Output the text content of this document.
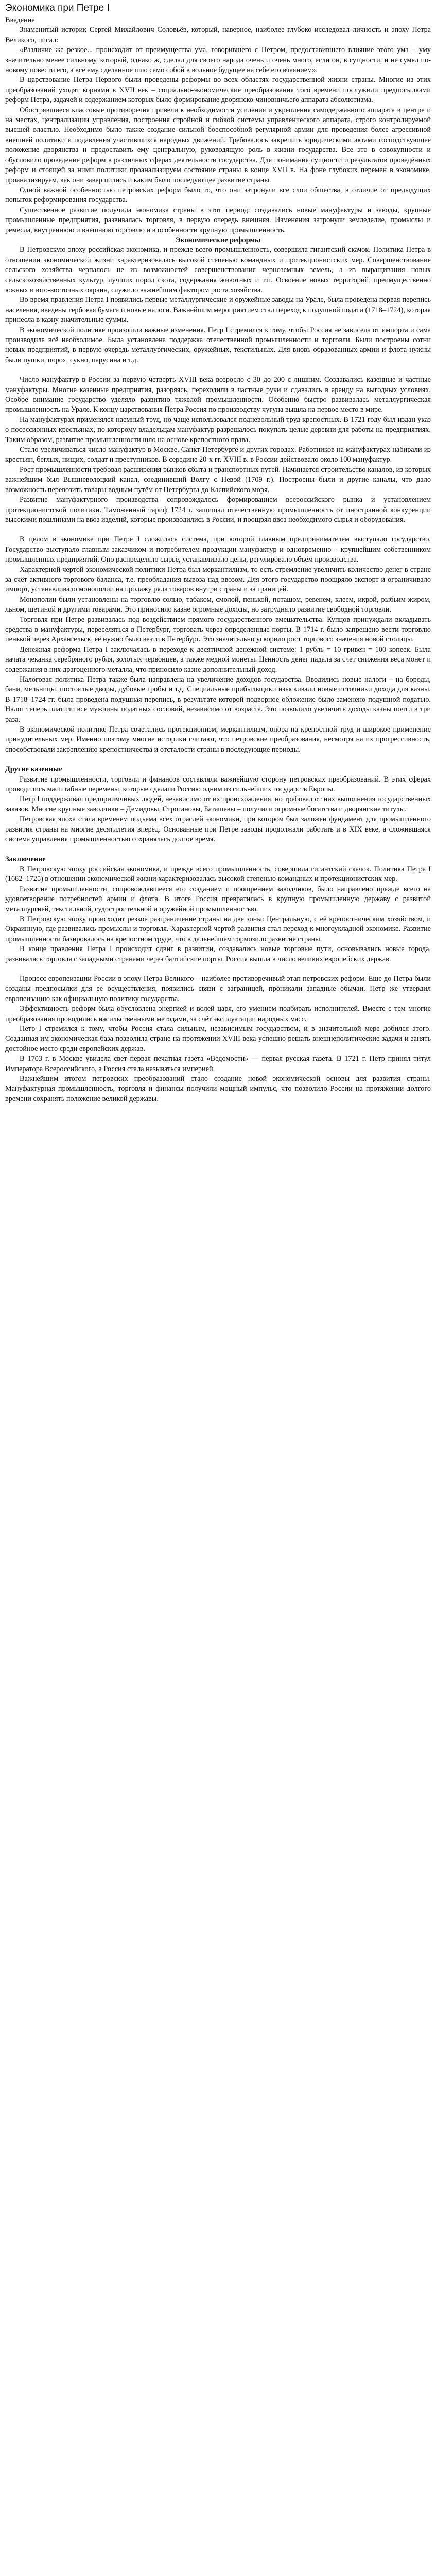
Экономика при Петре I
Введение

Знаменитый историк Сергей Михайлович Соловьёв, который, наверное, наиболее глубоко исследовал личность и эпоху Петра Великого, писал:

«Различие же резкое... происходит от преимущества ума, говорившего с Петром, предоставившего влияние этого ума – уму значительно менее сильному, который, однако ж, сделал для своего народа очень и очень много, если он, в сущности, и не сумел по-новому повести его, а все ему сделанное шло само собой в вольное будущее на себе его вчаянием».

В царствование Петра Первого были проведены реформы во всех областях государственной жизни страны. Многие из этих преобразований уходят корнями в XVII век – социально-экономические преобразования того времени послужили предпосылками реформ Петра, задачей и содержанием которых было формирование дворянско-чиновничьего аппарата абсолютизма.

Обострявшиеся классовые противоречия привели к необходимости усиления и укрепления самодержавного аппарата в центре и на местах, централизации управления, построения стройной и гибкой системы управленческого аппарата, строго контролируемой высшей властью. Необходимо было также создание сильной боеспособной регулярной армии для проведения более агрессивной внешней политики и подавления участившихся народных движений. Требовалось закрепить юридическими актами господствующее положение дворянства и предоставить ему центральную, руководящую роль в жизни государства. Все это в совокупности и обусловило проведение реформ в различных сферах деятельности государства. Для понимания сущности и результатов проведённых реформ и стоящей за ними политики проанализируем состояние страны в конце XVII в. На фоне глубоких перемен в экономике, проанализируем, как они завершились и каким было последующее развитие страны.

Одной важной особенностью петровских реформ было то, что они затронули все слои общества, в отличие от предыдущих попыток реформирования государства.

Существенное развитие получила экономика страны в этот период: создавались новые мануфактуры и заводы, крупные промышленные предприятия, развивалась торговля, в первую очередь внешняя. Изменения затронули земледелие, промыслы и ремесла, внутреннюю и внешнюю торговлю и в особенности крупную промышленность.

Экономические реформы

В Петровскую эпоху российская экономика, и прежде всего промышленность, совершила гигантский скачок. Политика Петра в отношении экономической жизни характеризовалась высокой степенью командных и протекционистских мер. Совершенствование сельского хозяйства черпалось не из возможностей совершенствования черноземных земель, а из выращивания новых сельскохозяйственных культур, лучших пород скота, содержания животных и т.п. Освоение новых территорий, преимущественно южных и юго-восточных окраин, служило важнейшим фактором роста хозяйства.

Во время правления Петра I появились первые металлургические и оружейные заводы на Урале, была проведена первая перепись населения, введены гербовая бумага и новые налоги. Важнейшим мероприятием стал переход к подушной подати (1718–1724), которая принесла в казну значительные суммы.

В экономической политике произошли важные изменения. Петр I стремился к тому, чтобы Россия не зависела от импорта и сама производила всё необходимое. Была установлена поддержка отечественной промышленности и торговли. Были построены сотни новых предприятий, в первую очередь металлургических, оружейных, текстильных. Для вновь образованных армии и флота нужны были пушки, порох, сукно, парусина и т.д.

Число мануфактур в России за первую четверть XVIII века возросло с 30 до 200 с лишним. Создавались казенные и частные мануфактуры. Многие казенные предприятия, разоряясь, переходили в частные руки и сдавались в аренду на выгодных условиях. Особое внимание государство уделяло развитию тяжелой промышленности. Особенно быстро развивалась металлургическая промышленность на Урале. К концу царствования Петра Россия по производству чугуна вышла на первое место в мире.

На мануфактурах применялся наемный труд, но чаще использовался подневольный труд крепостных. В 1721 году был издан указ о посессионных крестьянах, по которому владельцам мануфактур разрешалось покупать целые деревни для работы на предприятиях. Таким образом, развитие промышленности шло на основе крепостного права.

Стало увеличиваться число мануфактур в Москве, Санкт-Петербурге и других городах. Работников на мануфактурах набирали из крестьян, беглых, нищих, солдат и преступников. В середине 20-х гг. XVIII в. в России действовало около 100 мануфактур.

Рост промышленности требовал расширения рынков сбыта и транспортных путей. Начинается строительство каналов, из которых важнейшим был Вышневолоцкий канал, соединивший Волгу с Невой (1709 г.). Построены были и другие каналы, что дало возможность перевозить товары водным путём от Петербурга до Каспийского моря.

Развитие мануфактурного производства сопровождалось формированием всероссийского рынка и установлением протекционистской политики. Таможенный тариф 1724 г. защищал отечественную промышленность от иностранной конкуренции высокими пошлинами на ввоз изделий, которые производились в России, и поощрял ввоз необходимого сырья и оборудования.

В целом в экономике при Петре I сложилась система, при которой главным предпринимателем выступало государство. Государство выступало главным заказчиком и потребителем продукции мануфактур и одновременно – крупнейшим собственником промышленных предприятий. Оно распределяло сырьё, устанавливало цены, регулировало объём производства.

Характерной чертой экономической политики Петра был меркантилизм, то есть стремление увеличить количество денег в стране за счёт активного торгового баланса, т.е. преобладания вывоза над ввозом. Для этого государство поощряло экспорт и ограничивало импорт, устанавливало монополии на продажу ряда товаров внутри страны и за границей.

Монополии были установлены на торговлю солью, табаком, смолой, пенькой, поташом, ревенем, клеем, икрой, рыбьим жиром, льном, щетиной и другими товарами. Это приносило казне огромные доходы, но затрудняло развитие свободной торговли.

Торговля при Петре развивалась под воздействием прямого государственного вмешательства. Купцов принуждали вкладывать средства в мануфактуры, переселяться в Петербург, торговать через определенные порты. В 1714 г. было запрещено вести торговлю пенькой через Архангельск, её нужно было везти в Петербург. Это значительно ускорило рост торгового значения новой столицы.

Денежная реформа Петра I заключалась в переходе к десятичной денежной системе: 1 рубль = 10 гривен = 100 копеек. Была начата чеканка серебряного рубля, золотых червонцев, а также медной монеты. Ценность денег падала за счет снижения веса монет и содержания в них драгоценного металла, что приносило казне дополнительный доход.

Налоговая политика Петра также была направлена на увеличение доходов государства. Вводились новые налоги – на бороды, бани, мельницы, постоялые дворы, дубовые гробы и т.д. Специальные прибыльщики изыскивали новые источники дохода для казны. В 1718–1724 гг. была проведена подушная перепись, в результате которой подворное обложение было заменено подушной податью. Налог теперь платили все мужчины податных сословий, независимо от возраста. Это позволило увеличить доходы казны почти в три раза.

В экономической политике Петра сочетались протекционизм, меркантилизм, опора на крепостной труд и широкое применение принудительных мер. Именно поэтому многие историки считают, что петровские преобразования, несмотря на их прогрессивность, способствовали закреплению крепостничества и отсталости страны в последующие периоды.

Другие казенные

Развитие промышленности, торговли и финансов составляли важнейшую сторону петровских преобразований. В этих сферах проводились масштабные перемены, которые сделали Россию одним из сильнейших государств Европы.

Петр I поддерживал предприимчивых людей, независимо от их происхождения, но требовал от них выполнения государственных заказов. Многие крупные заводчики – Демидовы, Строгановы, Баташевы – получили огромные богатства и дворянские титулы.

Петровская эпоха стала временем подъема всех отраслей экономики, при котором был заложен фундамент для промышленного развития страны на многие десятилетия вперёд. Основанные при Петре заводы продолжали работать и в XIX веке, а сложившаяся система управления промышленностью сохранялась долгое время.

Заключение

В Петровскую эпоху российская экономика, и прежде всего промышленность, совершила гигантский скачок. Политика Петра I (1682–1725) в отношении экономической жизни характеризовалась высокой степенью командных и протекционистских мер.

Развитие промышленности, сопровождавшееся его созданием и поощрением заводчиков, было направлено прежде всего на удовлетворение потребностей армии и флота. В итоге Россия превратилась в крупную промышленную державу с развитой металлургией, текстильной, судостроительной и оружейной промышленностью.

В Петровскую эпоху происходит резкое разграничение страны на две зоны: Центральную, с её крепостническим хозяйством, и Окраинную, где развивались промыслы и торговля. Характерной чертой развития стал переход к многоукладной экономике. Развитие промышленности базировалось на крепостном труде, что в дальнейшем тормозило развитие страны.

В конце правления Петра I происходит сдвиг в развитии, создавались новые торговые пути, основывались новые города, развивалась торговля с западными странами через балтийские порты. Россия вышла в число великих европейских держав.

Процесс европеизации России в эпоху Петра Великого – наиболее противоречивый этап петровских реформ. Еще до Петра были созданы предпосылки для ее осуществления, появились связи с заграницей, проникали западные обычаи. Петр же утвердил европеизацию как официальную политику государства.

Эффективность реформ была обусловлена энергией и волей царя, его умением подбирать исполнителей. Вместе с тем многие преобразования проводились насильственными методами, за счёт эксплуатации народных масс.

Петр I стремился к тому, чтобы Россия стала сильным, независимым государством, и в значительной мере добился этого. Созданная им экономическая база позволила стране на протяжении XVIII века успешно решать внешнеполитические задачи и занять достойное место среди европейских держав.

В 1703 г. в Москве увидела свет первая печатная газета «Ведомости» — первая русская газета. В 1721 г. Петр принял титул Императора Всероссийского, а Россия стала называться империей.

Важнейшим итогом петровских преобразований стало создание новой экономической основы для развития страны. Мануфактурная промышленность, торговля и финансы получили мощный импульс, что позволило России на протяжении долгого времени сохранять положение великой державы.
